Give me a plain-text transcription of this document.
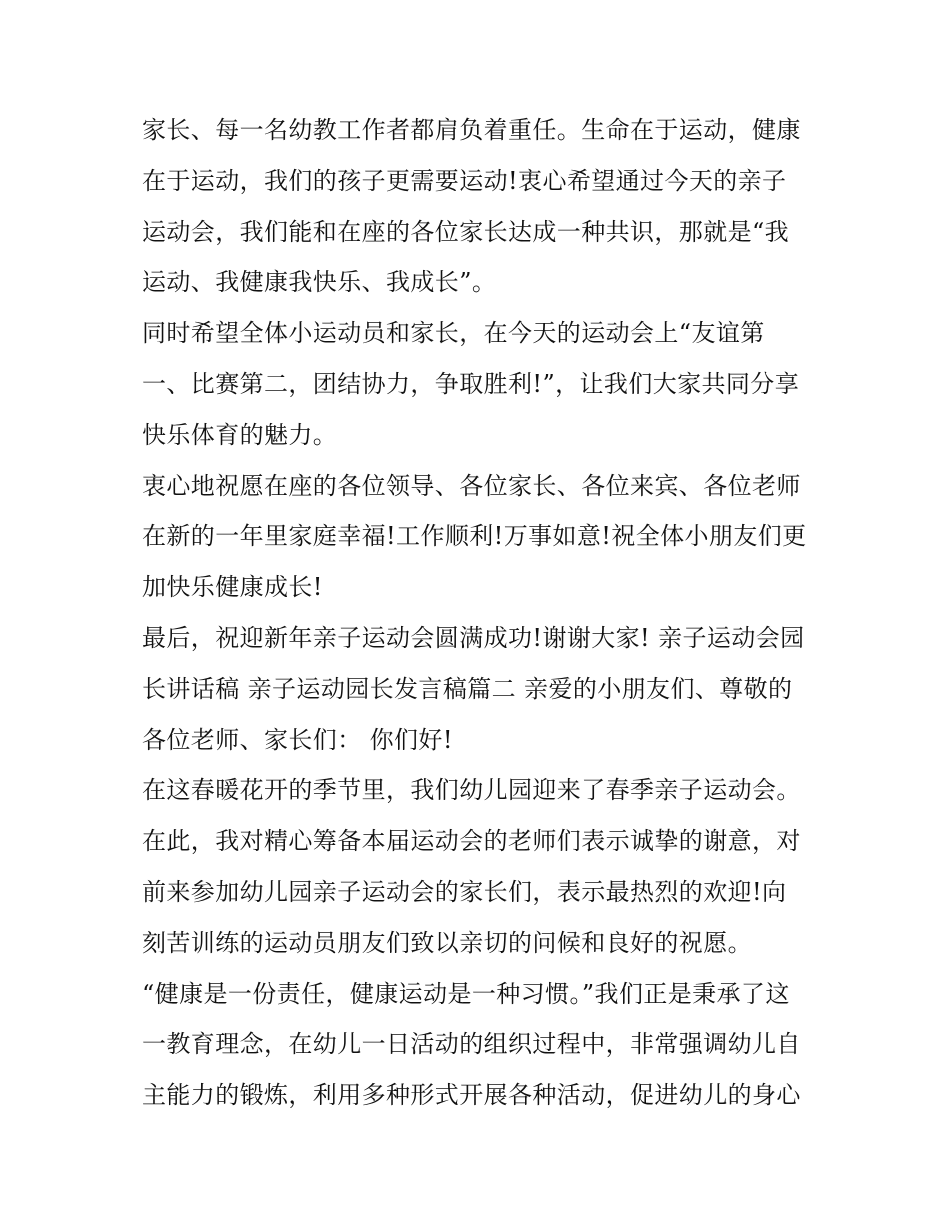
家长、每一名幼教工作者都肩负着重任。生命在于运动，健康
在于运动，我们的孩子更需要运动!衷心希望通过今天的亲子
运动会，我们能和在座的各位家长达成一种共识，那就是“我
运动、我健康我快乐、我成长”。
同时希望全体小运动员和家长，在今天的运动会上“友谊第
一、比赛第二，团结协力，争取胜利!”，让我们大家共同分享
快乐体育的魅力。
衷心地祝愿在座的各位领导、各位家长、各位来宾、各位老师
在新的一年里家庭幸福!工作顺利!万事如意!祝全体小朋友们更
加快乐健康成长!
最后，祝迎新年亲子运动会圆满成功!谢谢大家! 亲子运动会园
长讲话稿 亲子运动园长发言稿篇二 亲爱的小朋友们、尊敬的
各位老师、家长们： 你们好!
在这春暖花开的季节里，我们幼儿园迎来了春季亲子运动会。
在此，我对精心筹备本届运动会的老师们表示诚挚的谢意，对
前来参加幼儿园亲子运动会的家长们，表示最热烈的欢迎!向
刻苦训练的运动员朋友们致以亲切的问候和良好的祝愿。
“健康是一份责任，健康运动是一种习惯。”我们正是秉承了这
一教育理念，在幼儿一日活动的组织过程中，非常强调幼儿自
主能力的锻炼，利用多种形式开展各种活动，促进幼儿的身心
